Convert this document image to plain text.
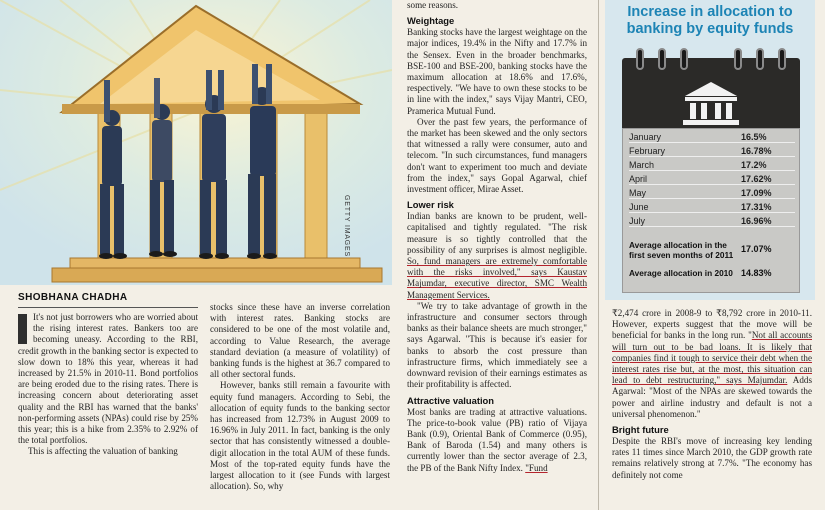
GETTY IMAGES
SHOBHANA CHADHA

It's not just borrowers who are worried about the rising interest rates. Bankers too are becoming uneasy. According to the RBI, credit growth in the banking sector is expected to slow down to 18% this year, whereas it had increased by 21.5% in 2010-11. Bond portfolios are being eroded due to the rising rates. There is increasing concern about deteriorating asset quality and the RBI has warned that the banks' non-performing assets (NPAs) could rise by 25% this year; this is a hike from 2.35% to 2.92% of the total portfolios.

This is affecting the valuation of banking

stocks since these have an inverse correlation with interest rates. Banking stocks are considered to be one of the most volatile and, according to Value Research, the average standard deviation (a measure of volatility) of banking funds is the highest at 36.7 compared to all other sectoral funds.

However, banks still remain a favourite with equity fund managers. According to Sebi, the allocation of equity funds to the banking sector has increased from 12.73% in August 2009 to 16.96% in July 2011. In fact, banking is the only sector that has consistently witnessed a double-digit allocation in the total AUM of these funds. Most of the top-rated equity funds have the largest allocation to it (see Funds with largest allocation). So, why

some reasons.

Weightage

Banking stocks have the largest weightage on the major indices, 19.4% in the Nifty and 17.7% in the Sensex. Even in the broader benchmarks, BSE-100 and BSE-200, banking stocks have the maximum allocation at 18.6% and 17.6%, respectively. "We have to own these stocks to be in line with the index," says Vijay Mantri, CEO, Pramerica Mutual Fund.

Over the past few years, the performance of the market has been skewed and the only sectors that witnessed a rally were consumer, auto and telecom. "In such circumstances, fund managers don't want to experiment too much and deviate from the index," says Gopal Agarwal, chief investment officer, Mirae Asset.

Lower risk

Indian banks are known to be prudent, well-capitalised and tightly regulated. "The risk measure is so tightly controlled that the possibility of any surprises is almost negligible. So, fund managers are extremely comfortable with the risks involved," says Kaustav Majumdar, executive director, SMC Wealth Management Services.

"We try to take advantage of growth in the infrastructure and consumer sectors through banks as their balance sheets are much stronger," says Agarwal. "This is because it's easier for banks to absorb the cost pressure than infrastructure firms, which immediately see a downward revision of their earnings estimates as their profitability is affected.

Attractive valuation

Most banks are trading at attractive valuations. The price-to-book value (PB) ratio of Vijaya Bank (0.9), Oriental Bank of Commerce (0.95), Bank of Baroda (1.54) and many others is currently lower than the sector average of 2.3, the PB of the Bank Nifty Index. "Fund

Increase in allocation to
banking by equity funds
January	16.5%
February	16.78%
March	17.2%
April	17.62%
May	17.09%
June	17.31%
July	16.96%
Average allocation in the first seven months of 2011
17.07%
Average allocation in 2010 14.83%

₹2,474 crore in 2008-9 to ₹8,792 crore in 2010-11. However, experts suggest that the move will be beneficial for banks in the long run. "Not all accounts will turn out to be bad loans. It is likely that companies find it tough to service their debt when the interest rates rise but, at the most, this situation can lead to debt restructuring," says Majumdar. Adds Agarwal: "Most of the NPAs are skewed towards the power and airline industry and default is not a universal phenomenon."

Bright future

Despite the RBI's move of increasing key lending rates 11 times since March 2010, the GDP growth rate remains relatively strong at 7.7%. "The economy has definitely not come
